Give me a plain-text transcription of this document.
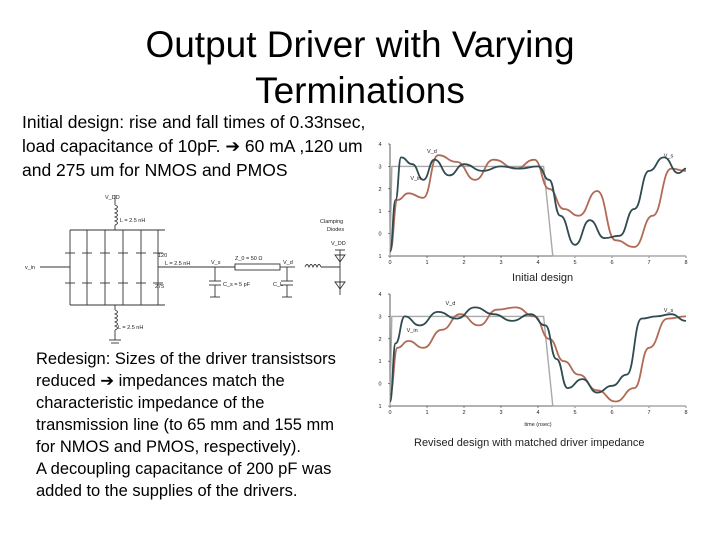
Output Driver with Varying Terminations
Initial design: rise and fall times of 0.33nsec, load capacitance of 10pF. ➔ 60 mA ,120 um and 275 um for NMOS and PMOS
Redesign: Sizes of the driver transistsors
reduced ➔ impedances match the
characteristic impedance of the
transmission line (to 65 mm and 155 mm
for NMOS and PMOS, respectively).
A decoupling capacitance of 200 pF was
added to the supplies of the drivers.
V_DD
L = 2.5 nH	Clamping
Diodes
V_DD
120
275
L = 2.5 nH
v_in
V_s
Z_0 = 50 Ω
V_d
C_s = 5 pF	C_L
L = 2.5 nH
0	1	2	3	4	5	6	7	8
4
3
2
1
0
1
V_d
V_s
V_in
Initial design
0	1	2	3	4	5	6	7	8
4
3
2
1
0
1
V_d
V_s
V_in
time (nsec)
Revised design with matched driver impedance
